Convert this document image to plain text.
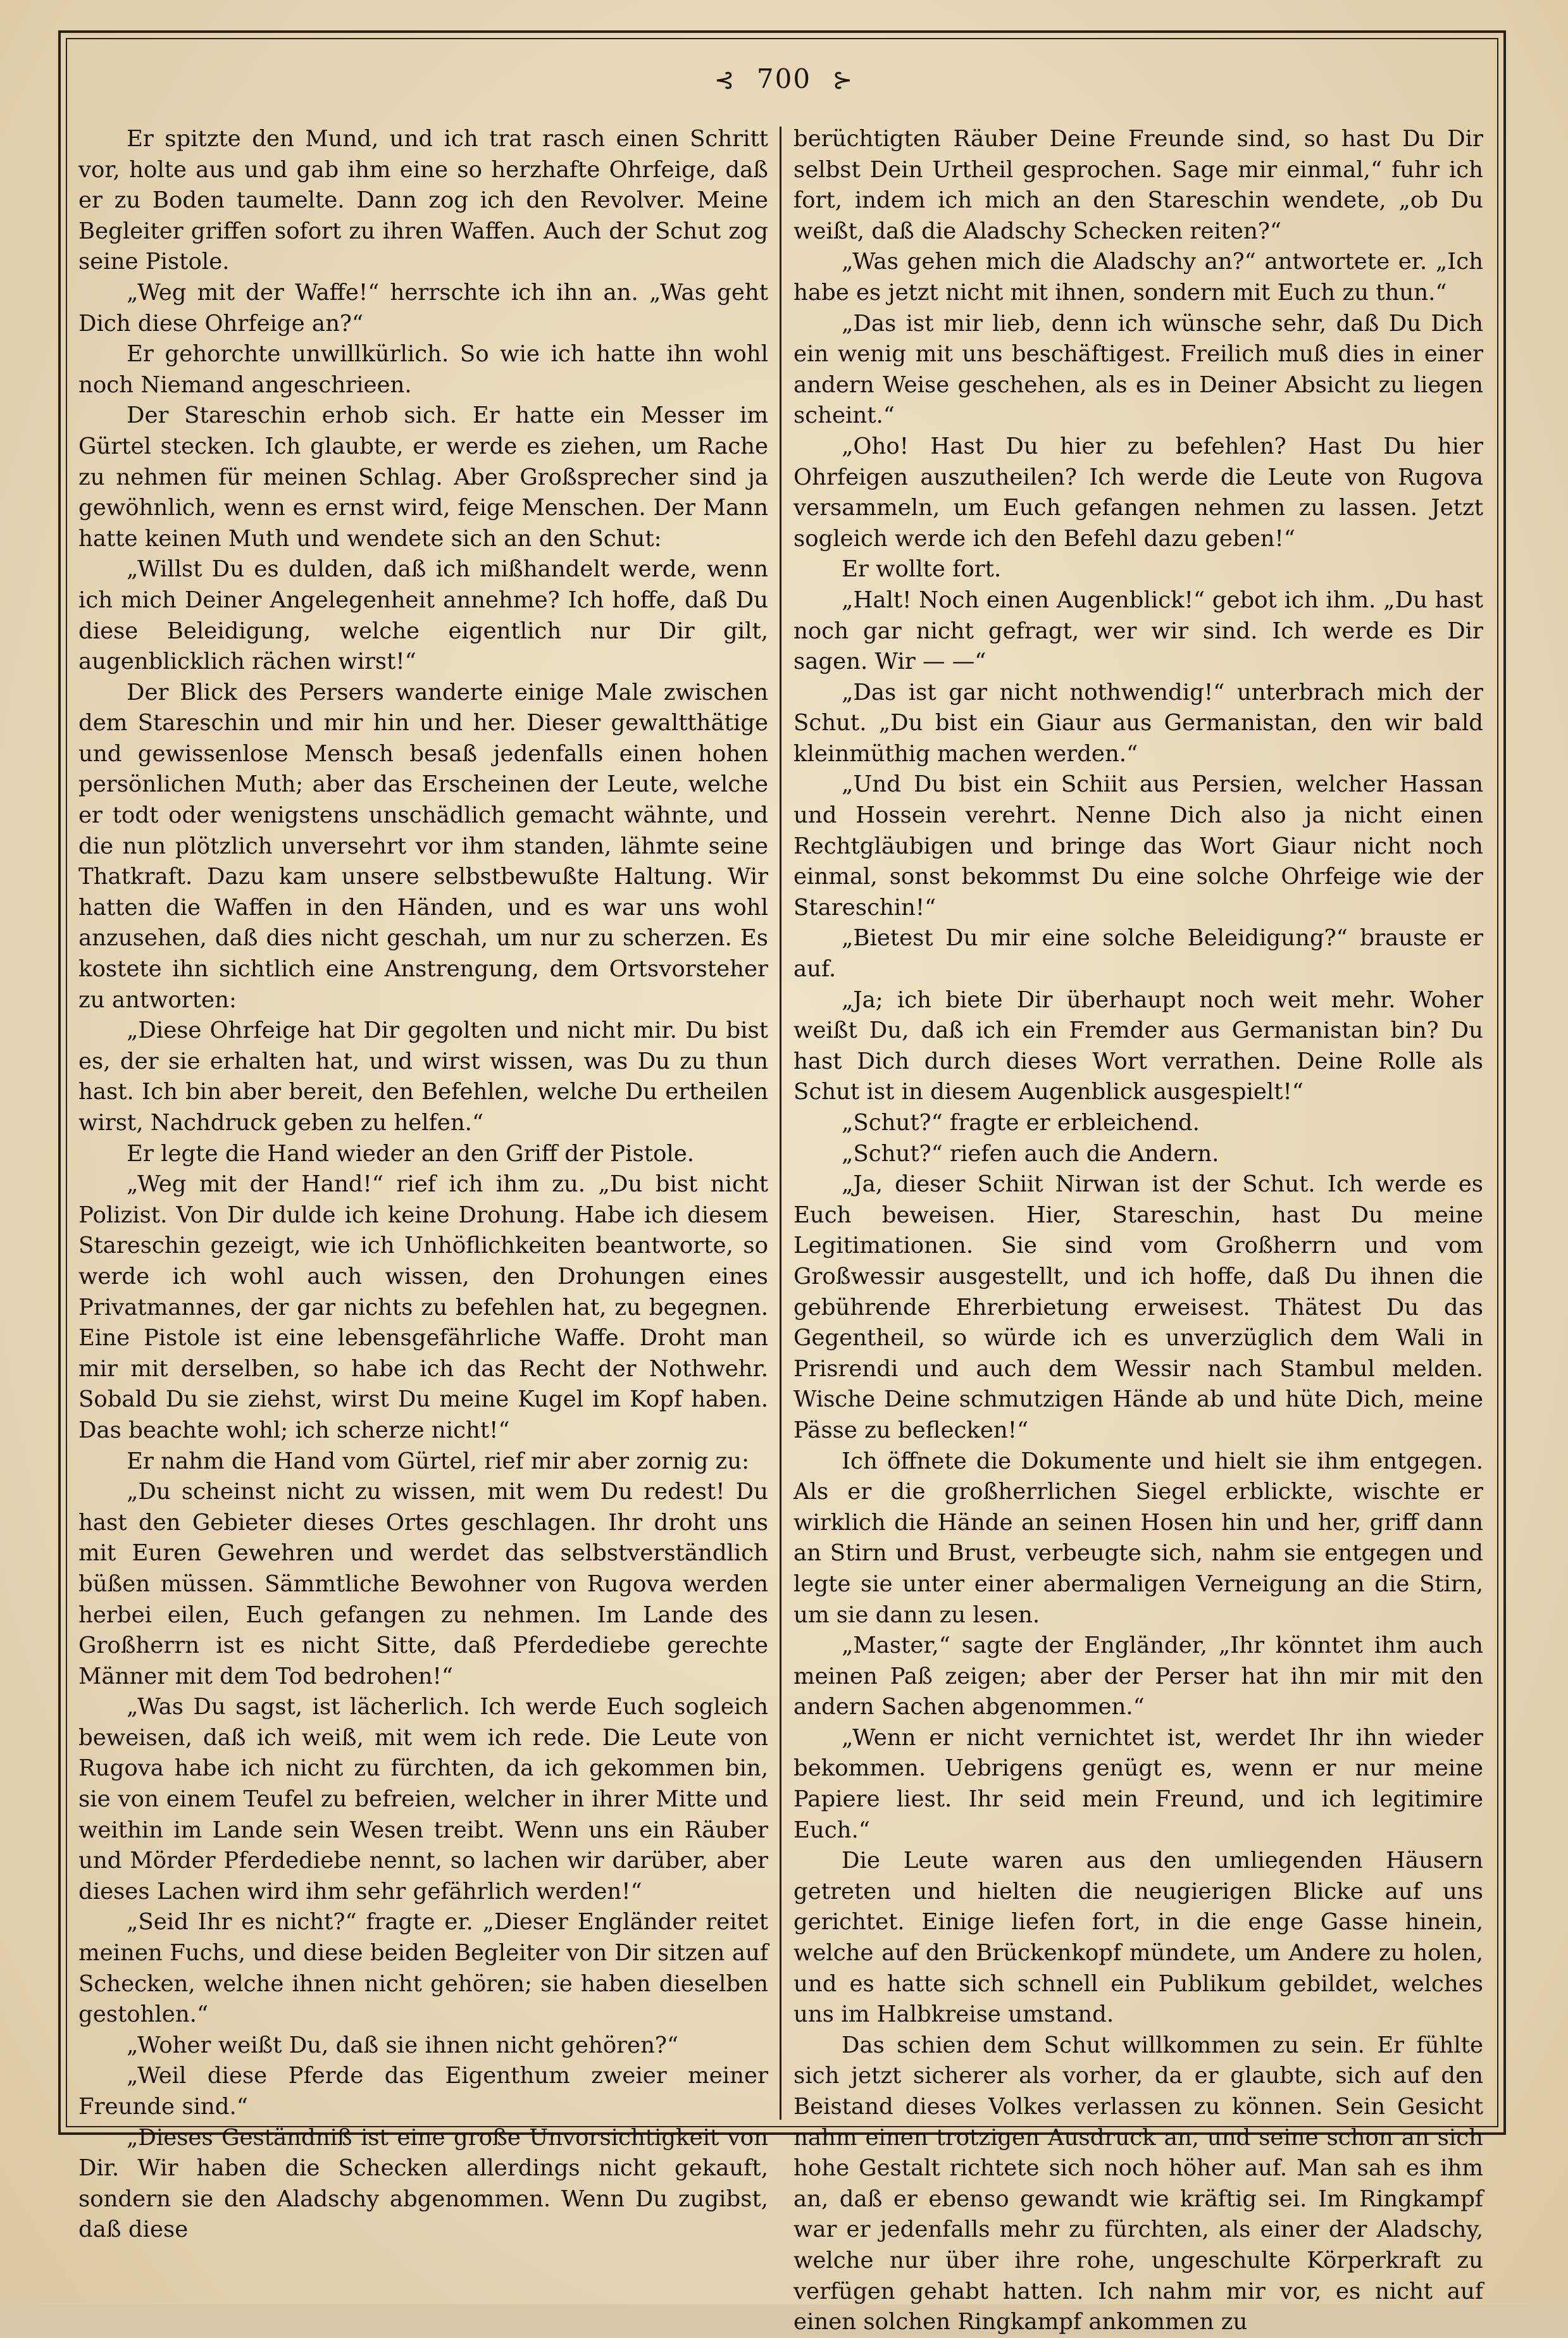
⊰ 700 ⊱

Er spitzte den Mund, und ich trat rasch einen Schritt vor, holte aus und gab ihm eine so herzhafte Ohrfeige, daß er zu Boden taumelte. Dann zog ich den Revolver. Meine Begleiter griffen sofort zu ihren Waffen. Auch der Schut zog seine Pistole.

„Weg mit der Waffe!“ herrschte ich ihn an. „Was geht Dich diese Ohrfeige an?“

Er gehorchte unwillkürlich. So wie ich hatte ihn wohl noch Niemand angeschrieen.

Der Stareschin erhob sich. Er hatte ein Messer im Gürtel stecken. Ich glaubte, er werde es ziehen, um Rache zu nehmen für meinen Schlag. Aber Großsprecher sind ja gewöhnlich, wenn es ernst wird, feige Menschen. Der Mann hatte keinen Muth und wendete sich an den Schut:

„Willst Du es dulden, daß ich mißhandelt werde, wenn ich mich Deiner Angelegenheit annehme? Ich hoffe, daß Du diese Beleidigung, welche eigentlich nur Dir gilt, augenblicklich rächen wirst!“

Der Blick des Persers wanderte einige Male zwischen dem Stareschin und mir hin und her. Dieser gewaltthätige und gewissenlose Mensch besaß jedenfalls einen hohen persönlichen Muth; aber das Erscheinen der Leute, welche er todt oder wenigstens unschädlich gemacht wähnte, und die nun plötzlich unversehrt vor ihm standen, lähmte seine Thatkraft. Dazu kam unsere selbstbewußte Haltung. Wir hatten die Waffen in den Händen, und es war uns wohl anzusehen, daß dies nicht geschah, um nur zu scherzen. Es kostete ihn sichtlich eine Anstrengung, dem Ortsvorsteher zu antworten:

„Diese Ohrfeige hat Dir gegolten und nicht mir. Du bist es, der sie erhalten hat, und wirst wissen, was Du zu thun hast. Ich bin aber bereit, den Befehlen, welche Du ertheilen wirst, Nachdruck geben zu helfen.“

Er legte die Hand wieder an den Griff der Pistole.

„Weg mit der Hand!“ rief ich ihm zu. „Du bist nicht Polizist. Von Dir dulde ich keine Drohung. Habe ich diesem Stareschin gezeigt, wie ich Unhöflichkeiten beantworte, so werde ich wohl auch wissen, den Drohungen eines Privatmannes, der gar nichts zu befehlen hat, zu begegnen. Eine Pistole ist eine lebensgefährliche Waffe. Droht man mir mit derselben, so habe ich das Recht der Nothwehr. Sobald Du sie ziehst, wirst Du meine Kugel im Kopf haben. Das beachte wohl; ich scherze nicht!“

Er nahm die Hand vom Gürtel, rief mir aber zornig zu:

„Du scheinst nicht zu wissen, mit wem Du redest! Du hast den Gebieter dieses Ortes geschlagen. Ihr droht uns mit Euren Gewehren und werdet das selbstverständlich büßen müssen. Sämmtliche Bewohner von Rugova werden herbei eilen, Euch gefangen zu nehmen. Im Lande des Großherrn ist es nicht Sitte, daß Pferdediebe gerechte Männer mit dem Tod bedrohen!“

„Was Du sagst, ist lächerlich. Ich werde Euch sogleich beweisen, daß ich weiß, mit wem ich rede. Die Leute von Rugova habe ich nicht zu fürchten, da ich gekommen bin, sie von einem Teufel zu befreien, welcher in ihrer Mitte und weithin im Lande sein Wesen treibt. Wenn uns ein Räuber und Mörder Pferdediebe nennt, so lachen wir darüber, aber dieses Lachen wird ihm sehr gefährlich werden!“

„Seid Ihr es nicht?“ fragte er. „Dieser Engländer reitet meinen Fuchs, und diese beiden Begleiter von Dir sitzen auf Schecken, welche ihnen nicht gehören; sie haben dieselben gestohlen.“

„Woher weißt Du, daß sie ihnen nicht gehören?“

„Weil diese Pferde das Eigenthum zweier meiner Freunde sind.“

„Dieses Geständniß ist eine große Unvorsichtigkeit von Dir. Wir haben die Schecken allerdings nicht gekauft, sondern sie den Aladschy abgenommen. Wenn Du zugibst, daß diese

berüchtigten Räuber Deine Freunde sind, so hast Du Dir selbst Dein Urtheil gesprochen. Sage mir einmal,“ fuhr ich fort, indem ich mich an den Stareschin wendete, „ob Du weißt, daß die Aladschy Schecken reiten?“

„Was gehen mich die Aladschy an?“ antwortete er. „Ich habe es jetzt nicht mit ihnen, sondern mit Euch zu thun.“

„Das ist mir lieb, denn ich wünsche sehr, daß Du Dich ein wenig mit uns beschäftigest. Freilich muß dies in einer andern Weise geschehen, als es in Deiner Absicht zu liegen scheint.“

„Oho! Hast Du hier zu befehlen? Hast Du hier Ohrfeigen auszutheilen? Ich werde die Leute von Rugova versammeln, um Euch gefangen nehmen zu lassen. Jetzt sogleich werde ich den Befehl dazu geben!“

Er wollte fort.

„Halt! Noch einen Augenblick!“ gebot ich ihm. „Du hast noch gar nicht gefragt, wer wir sind. Ich werde es Dir sagen. Wir — —“

„Das ist gar nicht nothwendig!“ unterbrach mich der Schut. „Du bist ein Giaur aus Germanistan, den wir bald kleinmüthig machen werden.“

„Und Du bist ein Schiit aus Persien, welcher Hassan und Hossein verehrt. Nenne Dich also ja nicht einen Rechtgläubigen und bringe das Wort Giaur nicht noch einmal, sonst bekommst Du eine solche Ohrfeige wie der Stareschin!“

„Bietest Du mir eine solche Beleidigung?“ brauste er auf.

„Ja; ich biete Dir überhaupt noch weit mehr. Woher weißt Du, daß ich ein Fremder aus Germanistan bin? Du hast Dich durch dieses Wort verrathen. Deine Rolle als Schut ist in diesem Augenblick ausgespielt!“

„Schut?“ fragte er erbleichend.

„Schut?“ riefen auch die Andern.

„Ja, dieser Schiit Nirwan ist der Schut. Ich werde es Euch beweisen. Hier, Stareschin, hast Du meine Legitimationen. Sie sind vom Großherrn und vom Großwessir ausgestellt, und ich hoffe, daß Du ihnen die gebührende Ehrerbietung erweisest. Thätest Du das Gegentheil, so würde ich es unverzüglich dem Wali in Prisrendi und auch dem Wessir nach Stambul melden. Wische Deine schmutzigen Hände ab und hüte Dich, meine Pässe zu beflecken!“

Ich öffnete die Dokumente und hielt sie ihm entgegen. Als er die großherrlichen Siegel erblickte, wischte er wirklich die Hände an seinen Hosen hin und her, griff dann an Stirn und Brust, verbeugte sich, nahm sie entgegen und legte sie unter einer abermaligen Verneigung an die Stirn, um sie dann zu lesen.

„Master,“ sagte der Engländer, „Ihr könntet ihm auch meinen Paß zeigen; aber der Perser hat ihn mir mit den andern Sachen abgenommen.“

„Wenn er nicht vernichtet ist, werdet Ihr ihn wieder bekommen. Uebrigens genügt es, wenn er nur meine Papiere liest. Ihr seid mein Freund, und ich legitimire Euch.“

Die Leute waren aus den umliegenden Häusern getreten und hielten die neugierigen Blicke auf uns gerichtet. Einige liefen fort, in die enge Gasse hinein, welche auf den Brückenkopf mündete, um Andere zu holen, und es hatte sich schnell ein Publikum gebildet, welches uns im Halbkreise umstand.

Das schien dem Schut willkommen zu sein. Er fühlte sich jetzt sicherer als vorher, da er glaubte, sich auf den Beistand dieses Volkes verlassen zu können. Sein Gesicht nahm einen trotzigen Ausdruck an, und seine schon an sich hohe Gestalt richtete sich noch höher auf. Man sah es ihm an, daß er ebenso gewandt wie kräftig sei. Im Ringkampf war er jedenfalls mehr zu fürchten, als einer der Aladschy, welche nur über ihre rohe, ungeschulte Körperkraft zu verfügen gehabt hatten. Ich nahm mir vor, es nicht auf einen solchen Ringkampf ankommen zu
